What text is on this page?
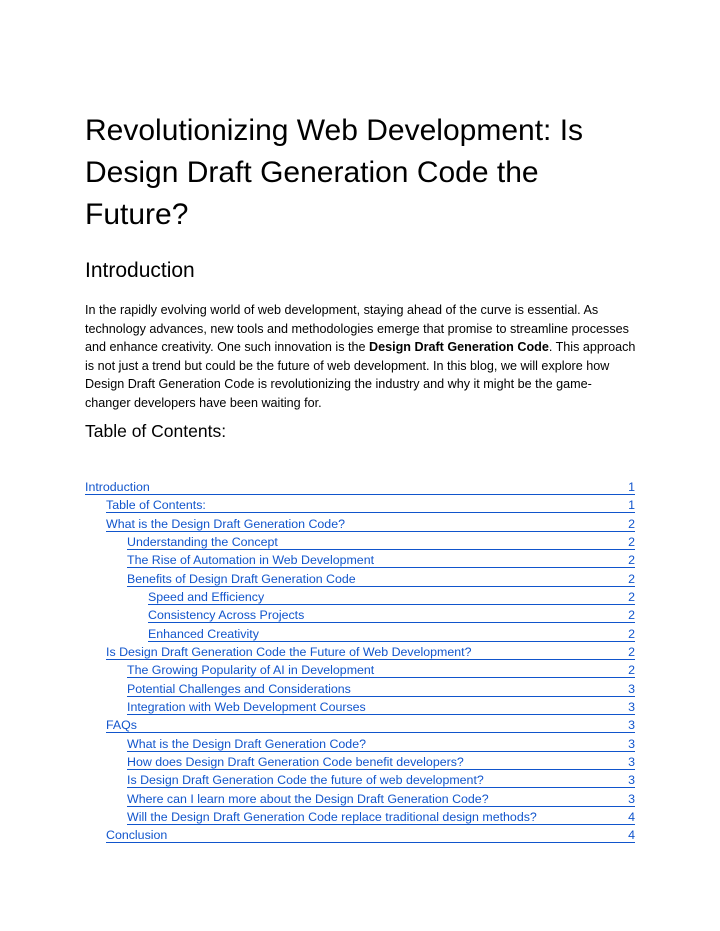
Revolutionizing Web Development: Is Design Draft Generation Code the Future?
Introduction

In the rapidly evolving world of web development, staying ahead of the curve is essential. As technology advances, new tools and methodologies emerge that promise to streamline processes and enhance creativity. One such innovation is the Design Draft Generation Code. This approach is not just a trend but could be the future of web development. In this blog, we will explore how Design Draft Generation Code is revolutionizing the industry and why it might be the game-changer developers have been waiting for.

Table of Contents:
Introduction	1
Table of Contents:	1
What is the Design Draft Generation Code?	2
Understanding the Concept	2
The Rise of Automation in Web Development	2
Benefits of Design Draft Generation Code	2
Speed and Efficiency	2
Consistency Across Projects	2
Enhanced Creativity	2
Is Design Draft Generation Code the Future of Web Development?	2
The Growing Popularity of AI in Development	2
Potential Challenges and Considerations	3
Integration with Web Development Courses	3
FAQs	3
What is the Design Draft Generation Code?	3
How does Design Draft Generation Code benefit developers?	3
Is Design Draft Generation Code the future of web development?	3
Where can I learn more about the Design Draft Generation Code?	3
Will the Design Draft Generation Code replace traditional design methods?	4
Conclusion	4
